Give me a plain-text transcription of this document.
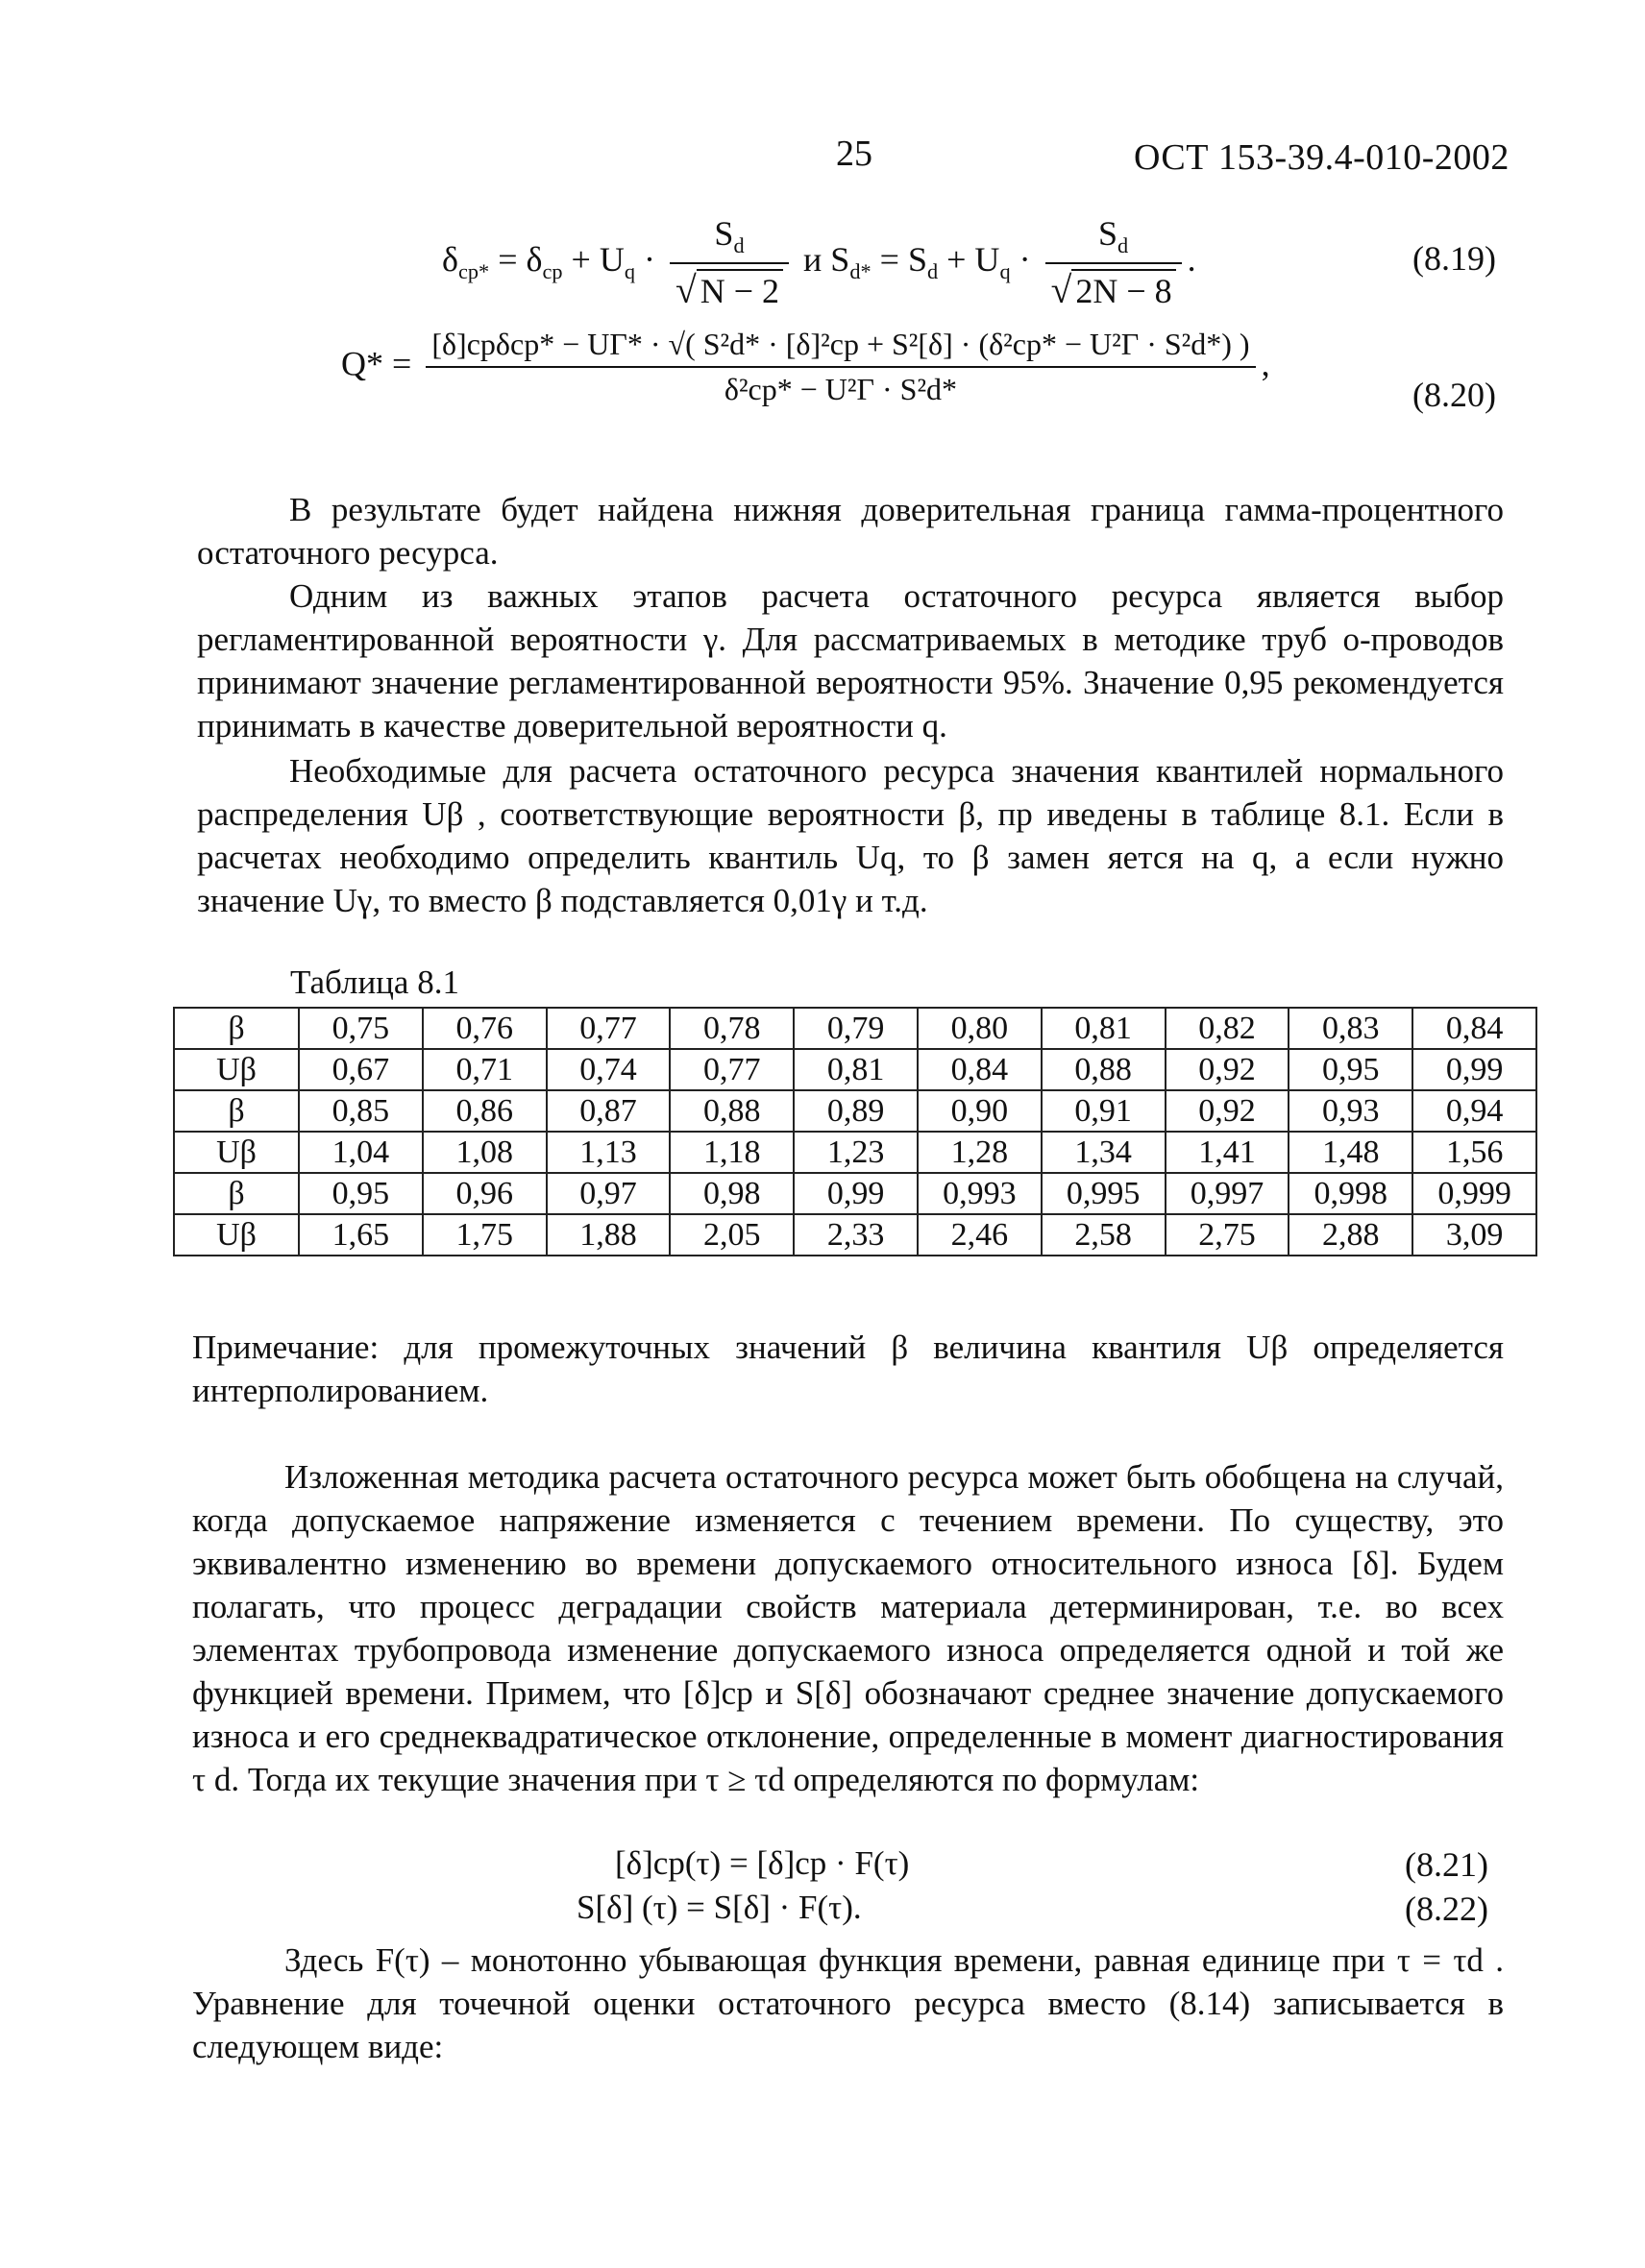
25	ОСТ 153-39.4-010-2002
$\delta_{ср*} = \delta_{ср} + U_q \cdot \frac{S_d}{√ N - 2}$ и $S_{d*} = S_d + U_q \cdot \frac{S_d}{√ 2N - 8}$ .	(8.19)
Q* =
[δ]срδср* − UΓ* · √( S²d* · [δ]²ср + S²[δ] · (δ²ср* − U²Γ · S²d*) )
δ²ср* − U²Γ · S²d*
,
(8.20)
В результате будет найдена нижняя доверительная граница гамма-процентного остаточного ресурса.
Одним из важных этапов расчета остаточного ресурса является выбор регламентированной вероятности γ. Для рассматриваемых в методике труб о-проводов принимают значение регламентированной вероятности 95%. Значение 0,95 рекомендуется принимать в качестве доверительной вероятности q.
Необходимые для расчета остаточного ресурса значения квантилей нормального распределения Uβ , соответствующие вероятности β, пр иведены в таблице 8.1. Если в расчетах необходимо определить квантиль Uq, то β замен яется на q, а если нужно значение Uγ, то вместо β подставляется 0,01γ и т.д.
Таблица 8.1
β	0,75	0,76	0,77	0,78	0,79	0,80	0,81	0,82	0,83	0,84
Uβ	0,67	0,71	0,74	0,77	0,81	0,84	0,88	0,92	0,95	0,99
β	0,85	0,86	0,87	0,88	0,89	0,90	0,91	0,92	0,93	0,94
Uβ	1,04	1,08	1,13	1,18	1,23	1,28	1,34	1,41	1,48	1,56
β	0,95	0,96	0,97	0,98	0,99	0,993	0,995	0,997	0,998	0,999
Uβ	1,65	1,75	1,88	2,05	2,33	2,46	2,58	2,75	2,88	3,09
Примечание: для промежуточных значений β величина квантиля Uβ определяется интерполированием.
Изложенная методика расчета остаточного ресурса может быть обобщена на случай, когда допускаемое напряжение изменяется с течением времени. По существу, это эквивалентно изменению во времени допускаемого относительного износа [δ]. Будем полагать, что процесс деградации свойств материала детерминирован, т.е. во всех элементах трубопровода изменение допускаемого износа определяется одной и той же функцией времени. Примем, что [δ]ср и S[δ] обозначают среднее значение допускаемого износа и его среднеквадратическое отклонение, определенные в момент диагностирования τ d. Тогда их текущие значения при τ ≥ τd определяются по формулам:
[δ]ср(τ) = [δ]ср · F(τ)	(8.21)
S[δ] (τ) = S[δ] · F(τ).	(8.22)
Здесь F(τ) – монотонно убывающая функция времени, равная единице при τ = τd . Уравнение для точечной оценки остаточного ресурса вместо (8.14) записывается в следующем виде:
